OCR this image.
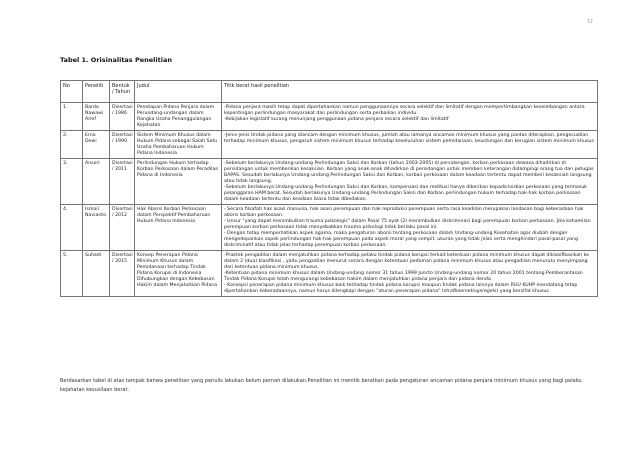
72
Tabel 1. Orisinalitas Penelitian
No	Peneliti	Bentuk / Tahun	Judul	Titik berat hasil penelitian
1.	Barda Nawawi Arief	Disertasi / 1986	Penetapan Pidana Penjara dalam Perundang-undangan dalam Rangka Usaha Penanggulangan Kejahatan	-Pidana penjara masih tetap dapat dipertahankan namun penggunaannya secara selektif dan limitatif dengan mempertimbangkan keseimbangan antara kepentingan perlindungan masyarakat dan perlindungan serta perbaikan individu

-Kebijakan legislatif kurang menunjang penggunaan pidana penjara secara selektif dan limitatif

2.	Erna Dewi	Disertasi / 1990	Sistem Minimum Khusus dalam Hukum Pidana sebagai Salah Satu Usaha Pembaharuan Hukum Pidana Indonesia	-Jenis-jenis tindak pidana yang diancam dengan minimum khusus, jumlah atau lamanya ancaman minimum khusus yang pantas diterapkan, pengecualian terhadap minimum khusus, pengaruh sistem minimum khusus terhadap keseluruhan sistem pemidanaan, keuntungan dan kerugian sistem minimum khusus

3.	Ansori	Disertasi / 2011	Perlindungan Hukum terhadap Korban Perkosaan dalam Peradilan Pidana di Indonesia	-Sebelum berlakunya Undang-undang Perlindungan Saksi dan Korban (tahun 2003-2005) di persidangan, korban perkosaan dewasa dihadirkan di persidangan untuk memberikan kesaksian. Korban yang anak-anak dihadirkan di persidangan untuk memberi keterangan didampingi orang tua dan petugas BAPAS. Sesudah berlakunya Undang-undang Perlindungan Saksi dan Korban, korban perkosaan dalam keadaan tertentu dapat memberi kesaksian langsung atau tidak langsung.

-Sebelum berlakunya Undang-undang Perlindungan Saksi dan Korban, kompensasi dan restitusi hanya diberikan kepada korban perkosaan yang termasuk pelanggaran HAM berat. Sesudah berlakunya Undang-undang Perlindungan Saksi dan Korban perlindungan hukum terhadap hak-hak korban perkosaan dalam keadaan tertentu dan keadaan biasa tidak dibedakan.

4.	Ismail Navianto	Disertasi / 2012	Hak Aborsi Korban Perkosaan dalam Perspektif Pembaharuan Hukum Pidana Indonesia	- Secara filsafati hak asasi manusia, hak asasi perempuan dan hak reproduksi perempuan serta rasa keadilan merupakan landasan bagi keberadaan hak aborsi korban perkosaan.

- Unsur "yang dapat menimbulkan trauma psikologis" dalam Pasal 75 ayat (2) menimbulkan diskriminasi bagi perempuan korban perkosaan. Jika kehamilan perempuan korban perkosaan tidak menyebabkan trauma psikologi tidak berlaku pasal ini.

- Dengan tetap memperhatikan aspek agama, maka pengaturan aborsi tentang perkosaan dalam Undang-undang Kesehatan agar diubah dengan mengedepankan aspek perlindungan hak-hak perempuan pada aspek moral yang sempit, ukuran yang tidak jelas serta menghindari pasal-pasal yang diskriminatif atau tidak jelas terhadap perempuan korban perkosaan.

5.	Suhadi	Disertasi / 2015	Konsep Penerapan Pidana Minimum Khusus dalam Pemidanaan terhadap Tindak Pidana Korupsi di Indonesia Dihubungkan dengan Kebebasan Hakim dalam Menjatuhkan Pidana	-Praktek pengadilan dalam menjatuhkan pidana terhadap pelaku tindak pidana korupsi terkait ketentuan pidana minimum khusus dapat diklasifikasikan ke dalam 2 (dua) klasifikasi , yaitu pengadilan menurut secara dengan ketentuan pedoman pidana minimum khusus atau pengadilan menurutu menyimpang dari ketentuan pidana minimum khusus.

-Ketentuan pidana minimum khusus dalam Undang-undang nomor 31 tahun 1999 Juncto Undang-undang nomor 20 tahun 2001 tentang Pemberantasan Tindak Pidana Korupsi telah mengurangi kebebasan hakim dalam menjatuhkan pidana penjara dan pidana denda.

- Konsepsi penerapan pidana minimum khusus baik terhadap tindak pidana korupsi maupun tindak pidana lainnya dalam RUU KUHP mendatang tetap dipertahankan keberadaannya, namun harus dilengkapi dengan "aturan penerapan pidana" (strafboemetingsregels) yang bersifat khusus

Berdasarkan tabel di atas tampak bahwa penelitian yang penulis lakukan belum pernah dilakukan.Penelitian ini menitik beratkan pada pengaturan ancaman pidana penjara minimum khusus yang bagi pelaku kejahatan kesusilaan berat.
